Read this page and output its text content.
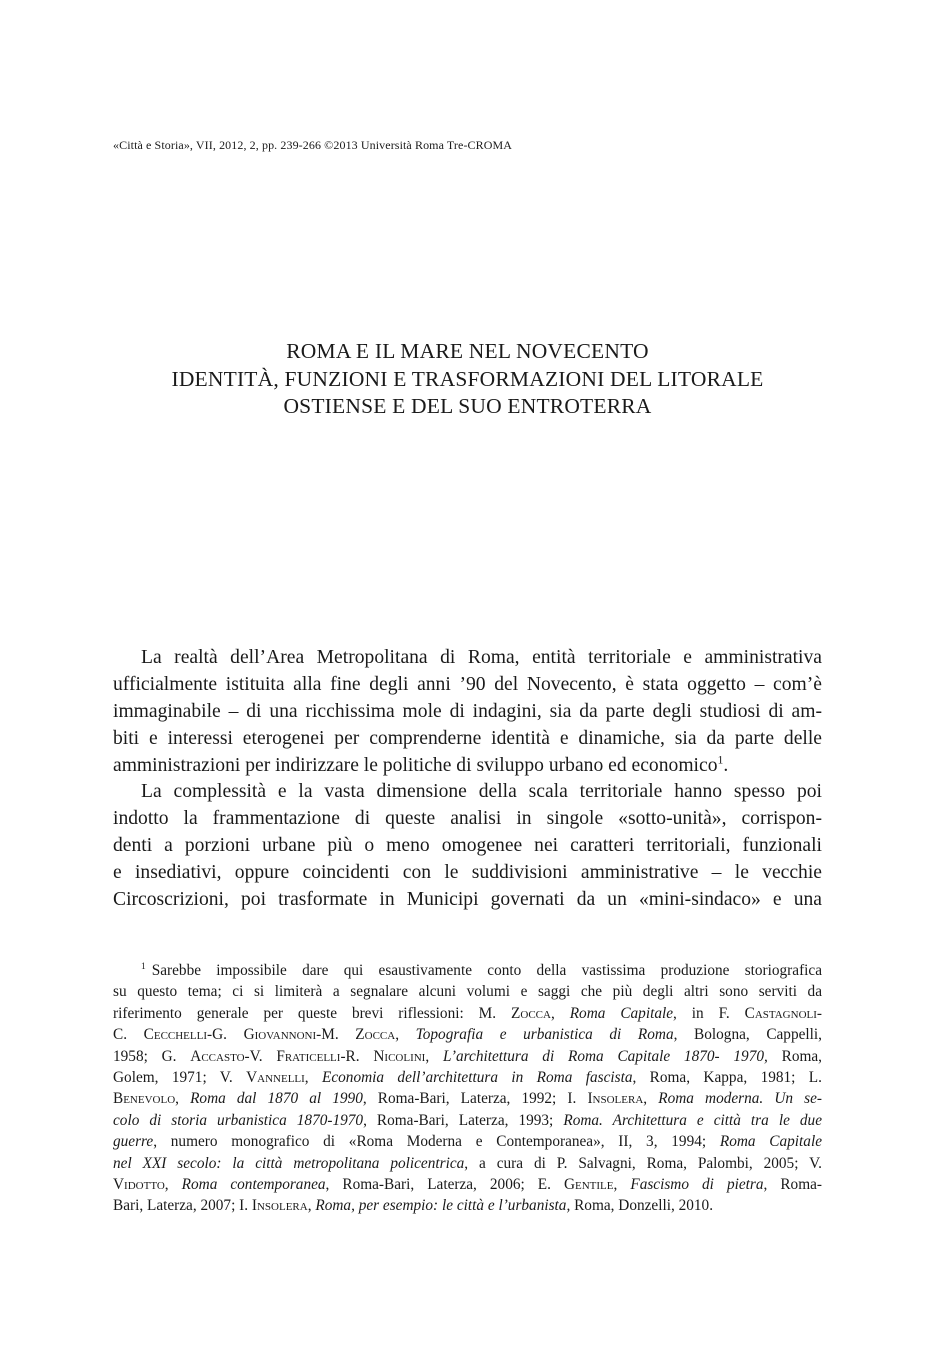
«Città e Storia», VII, 2012, 2, pp. 239-266 ©2013 Università Roma Tre-CROMA
ROMA E IL MARE NEL NOVECENTO
IDENTITÀ, FUNZIONI E TRASFORMAZIONI DEL LITORALE
OSTIENSE E DEL SUO ENTROTERRA
La realtà dell’Area Metropolitana di Roma, entità territoriale e amministrativa
ufficialmente istituita alla fine degli anni ’90 del Novecento, è stata oggetto – com’è
immaginabile – di una ricchissima mole di indagini, sia da parte degli studiosi di am-
biti e interessi eterogenei per comprenderne identità e dinamiche, sia da parte delle
amministrazioni per indirizzare le politiche di sviluppo urbano ed economico$^1$.
La complessità e la vasta dimensione della scala territoriale hanno spesso poi
indotto la frammentazione di queste analisi in singole «sotto-unità», corrispon-
denti a porzioni urbane più o meno omogenee nei caratteri territoriali, funzionali
e insediativi, oppure coincidenti con le suddivisioni amministrative – le vecchie
Circoscrizioni, poi trasformate in Municipi governati da un «mini-sindaco» e una
$^1$ Sarebbe impossibile dare qui esaustivamente conto della vastissima produzione storiografica
su questo tema; ci si limiterà a segnalare alcuni volumi e saggi che più degli altri sono serviti da
riferimento generale per queste brevi riflessioni: M. Zocca, Roma Capitale, in F. Castagnoli-
C. Cecchelli-G. Giovannoni-M. Zocca, Topografia e urbanistica di Roma, Bologna, Cappelli,
1958; G. Accasto-V. Fraticelli-R. Nicolini, L’architettura di Roma Capitale 1870- 1970, Roma,
Golem, 1971; V. Vannelli, Economia dell’architettura in Roma fascista, Roma, Kappa, 1981; L.
Benevolo, Roma dal 1870 al 1990, Roma-Bari, Laterza, 1992; I. Insolera, Roma moderna. Un se-
colo di storia urbanistica 1870-1970, Roma-Bari, Laterza, 1993; Roma. Architettura e città tra le due
guerre, numero monografico di «Roma Moderna e Contemporanea», II, 3, 1994; Roma Capitale
nel XXI secolo: la città metropolitana policentrica, a cura di P. Salvagni, Roma, Palombi, 2005; V.
Vidotto, Roma contemporanea, Roma-Bari, Laterza, 2006; E. Gentile, Fascismo di pietra, Roma-
Bari, Laterza, 2007; I. Insolera, Roma, per esempio: le città e l’urbanista, Roma, Donzelli, 2010.
